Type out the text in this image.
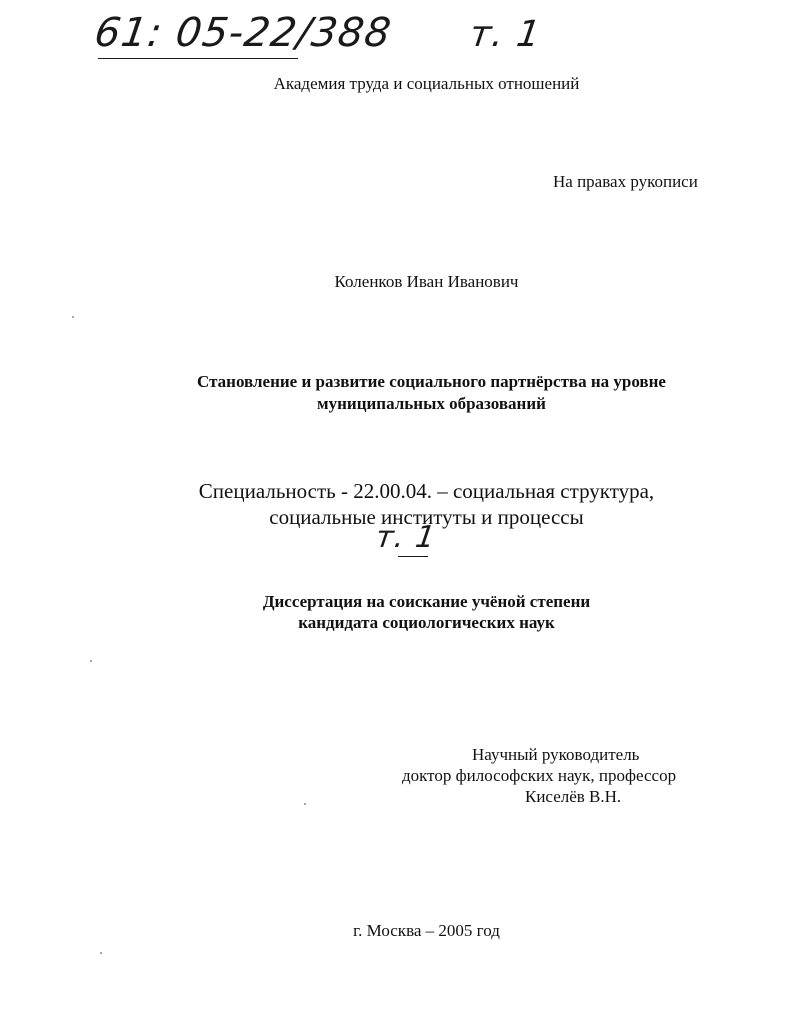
61: 05-22/388 т. 1
Академия труда и социальных отношений
На правах рукописи
Коленков Иван Иванович
Становление и развитие социального партнёрства на уровне
муниципальных образований
Специальность - 22.00.04. – социальная структура,
социальные институты и процессы
т. 1
Диссертация на соискание учёной степени
кандидата социологических наук
Научный руководитель
доктор философских наук, профессор
Киселёв В.Н.
г. Москва – 2005 год
